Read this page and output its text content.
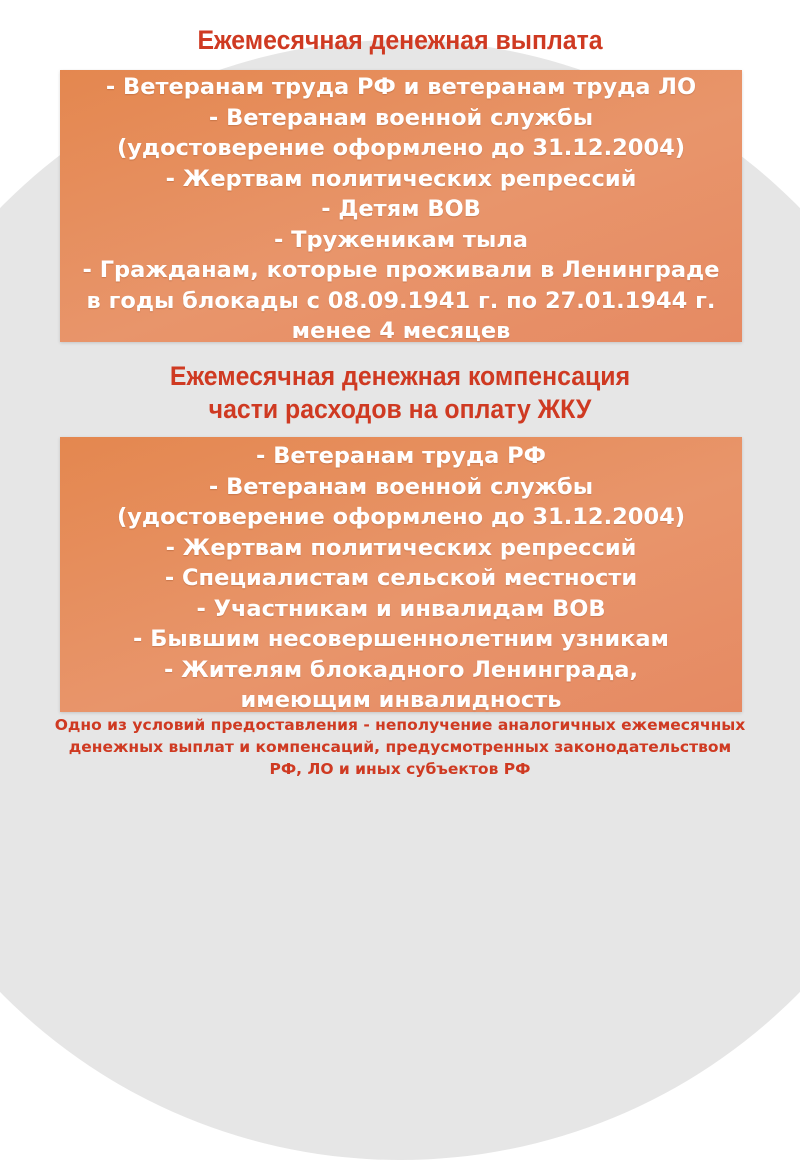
Ежемесячная денежная выплата
- Ветеранам труда РФ и ветеранам труда ЛО
- Ветеранам военной службы
(удостоверение оформлено до 31.12.2004)
- Жертвам политических репрессий
- Детям ВОВ
- Труженикам тыла
- Гражданам, которые проживали в Ленинграде
в годы блокады с 08.09.1941 г. по 27.01.1944 г.
менее 4 месяцев
Ежемесячная денежная компенсация
части расходов на оплату ЖКУ
- Ветеранам труда РФ
- Ветеранам военной службы
(удостоверение оформлено до 31.12.2004)
- Жертвам политических репрессий
- Специалистам сельской местности
- Участникам и инвалидам ВОВ
- Бывшим несовершеннолетним узникам
- Жителям блокадного Ленинграда,
имеющим инвалидность
Одно из условий предоставления - неполучение аналогичных ежемесячных
денежных выплат и компенсаций, предусмотренных законодательством
РФ, ЛО и иных субъектов РФ
